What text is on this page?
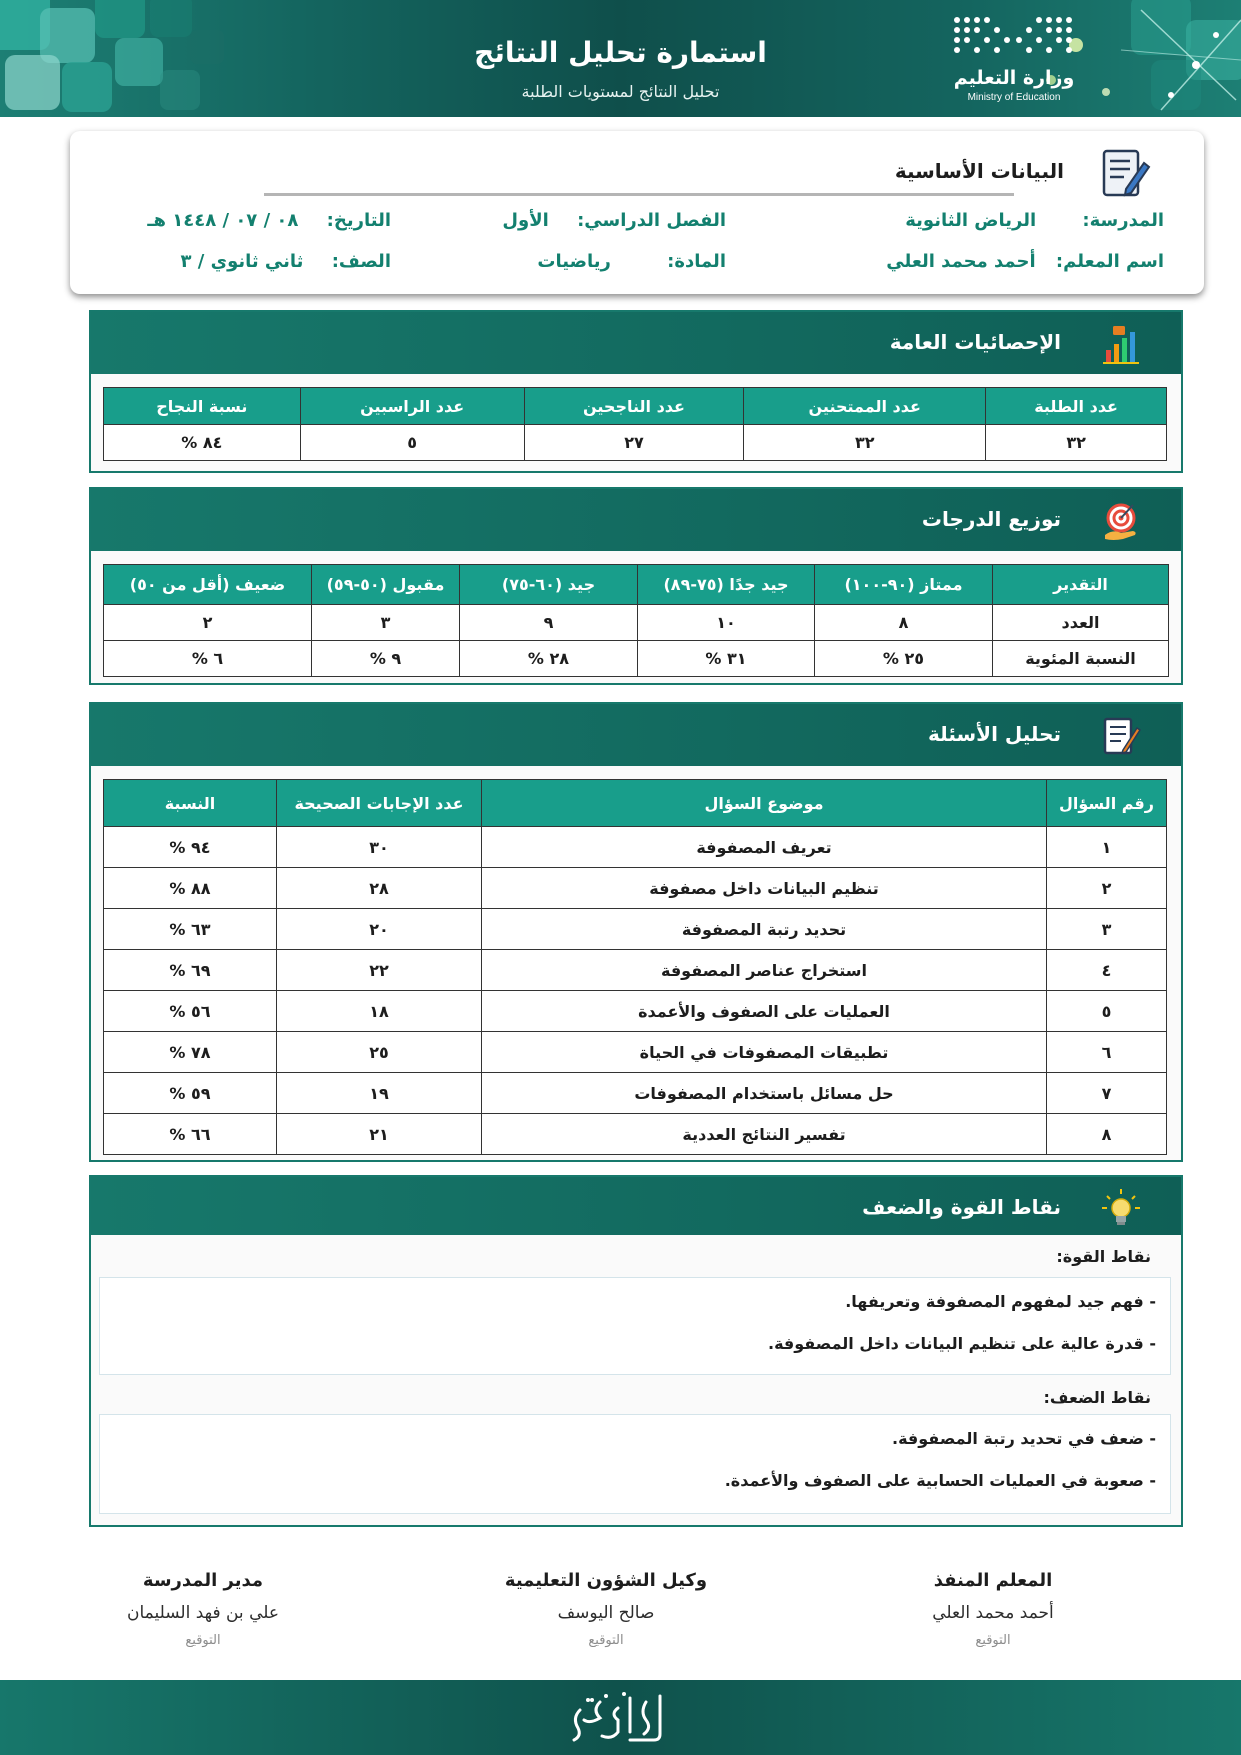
وزارة التعليم
Ministry of Education
استمارة تحليل النتائج
تحليل النتائج لمستويات الطلبة
البيانات الأساسية
المدرسة: الرياض الثانوية
الفصل الدراسي: الأول
التاريخ: ٠٨ / ٠٧ / ١٤٤٨ هـ
اسم المعلم: أحمد محمد العلي
المادة: رياضيات
الصف: ثاني ثانوي / ٣
الإحصائيات العامة
عدد الطلبة	عدد الممتحنين	عدد الناجحين	عدد الراسبين	نسبة النجاح
٣٢	٣٢	٢٧	٥	٨٤ %
توزيع الدرجات
التقدير	ممتاز (٩٠-١٠٠)	جيد جدًا (٧٥-٨٩)	جيد (٦٠-٧٥)	مقبول (٥٠-٥٩)	ضعيف (أقل من ٥٠)
العدد	٨	١٠	٩	٣	٢
النسبة المئوية	٢٥ %	٣١ %	٢٨ %	٩ %	٦ %
تحليل الأسئلة
رقم السؤال	موضوع السؤال	عدد الإجابات الصحيحة	النسبة
١	تعريف المصفوفة	٣٠	٩٤ %
٢	تنظيم البيانات داخل مصفوفة	٢٨	٨٨ %
٣	تحديد رتبة المصفوفة	٢٠	٦٣ %
٤	استخراج عناصر المصفوفة	٢٢	٦٩ %
٥	العمليات على الصفوف والأعمدة	١٨	٥٦ %
٦	تطبيقات المصفوفات في الحياة	٢٥	٧٨ %
٧	حل مسائل باستخدام المصفوفات	١٩	٥٩ %
٨	تفسير النتائج العددية	٢١	٦٦ %
نقاط القوة والضعف
نقاط القوة:
- فهم جيد لمفهوم المصفوفة وتعريفها.
- قدرة عالية على تنظيم البيانات داخل المصفوفة.
نقاط الضعف:
- ضعف في تحديد رتبة المصفوفة.
- صعوبة في العمليات الحسابية على الصفوف والأعمدة.
المعلم المنفذ
أحمد محمد العلي
التوقيع
وكيل الشؤون التعليمية
صالح اليوسف
التوقيع
مدير المدرسة
علي بن فهد السليمان
التوقيع
